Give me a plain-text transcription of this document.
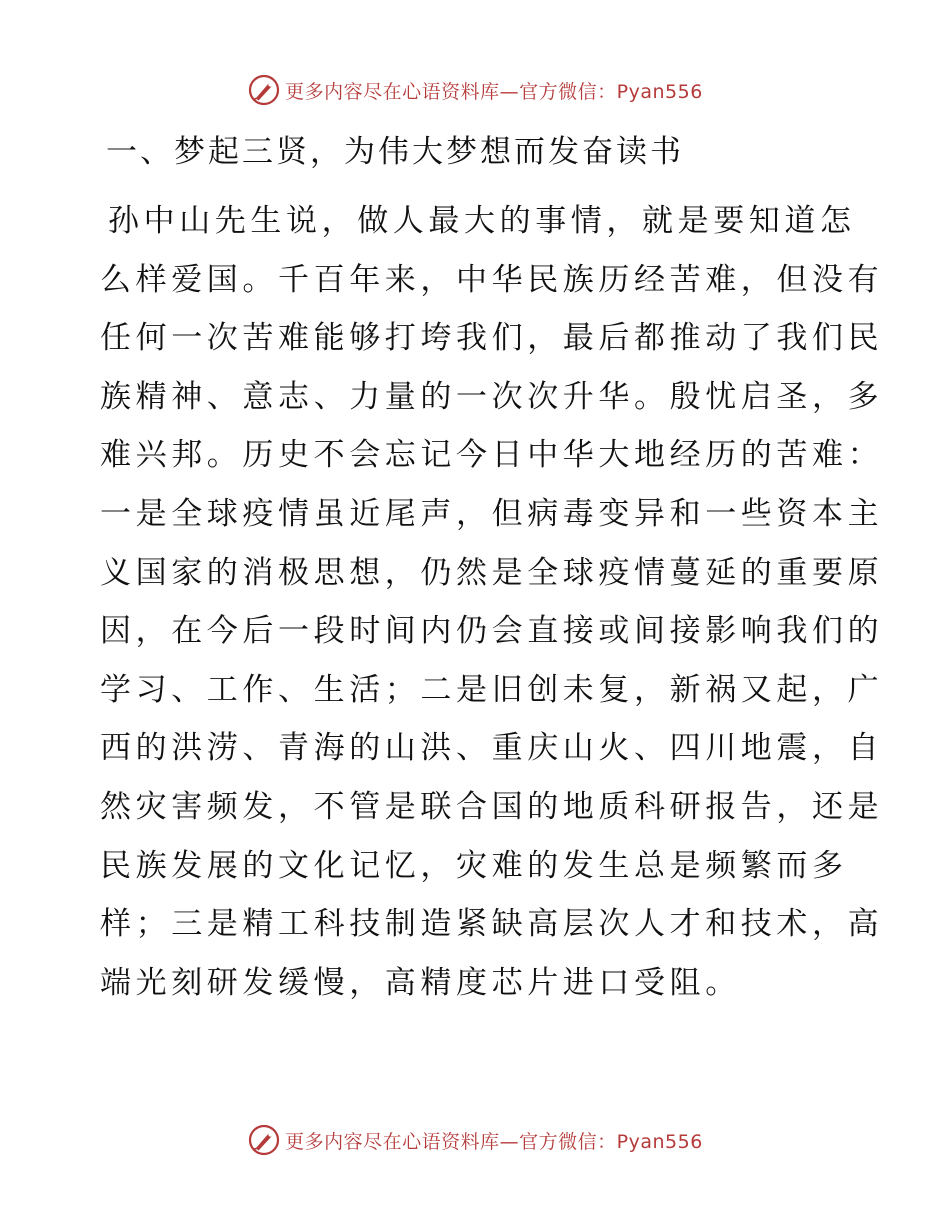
更多内容尽在心语资料库—官方微信：Pyan556
一、梦起三贤，为伟大梦想而发奋读书
孙中山先生说，做人最大的事情，就是要知道怎
么样爱国。千百年来，中华民族历经苦难，但没有
任何一次苦难能够打垮我们，最后都推动了我们民
族精神、意志、力量的一次次升华。殷忧启圣，多
难兴邦。历史不会忘记今日中华大地经历的苦难：
一是全球疫情虽近尾声，但病毒变异和一些资本主
义国家的消极思想，仍然是全球疫情蔓延的重要原
因，在今后一段时间内仍会直接或间接影响我们的
学习、工作、生活；二是旧创未复，新祸又起，广
西的洪涝、青海的山洪、重庆山火、四川地震，自
然灾害频发，不管是联合国的地质科研报告，还是
民族发展的文化记忆，灾难的发生总是频繁而多
样；三是精工科技制造紧缺高层次人才和技术，高
端光刻研发缓慢，高精度芯片进口受阻。
更多内容尽在心语资料库—官方微信：Pyan556
